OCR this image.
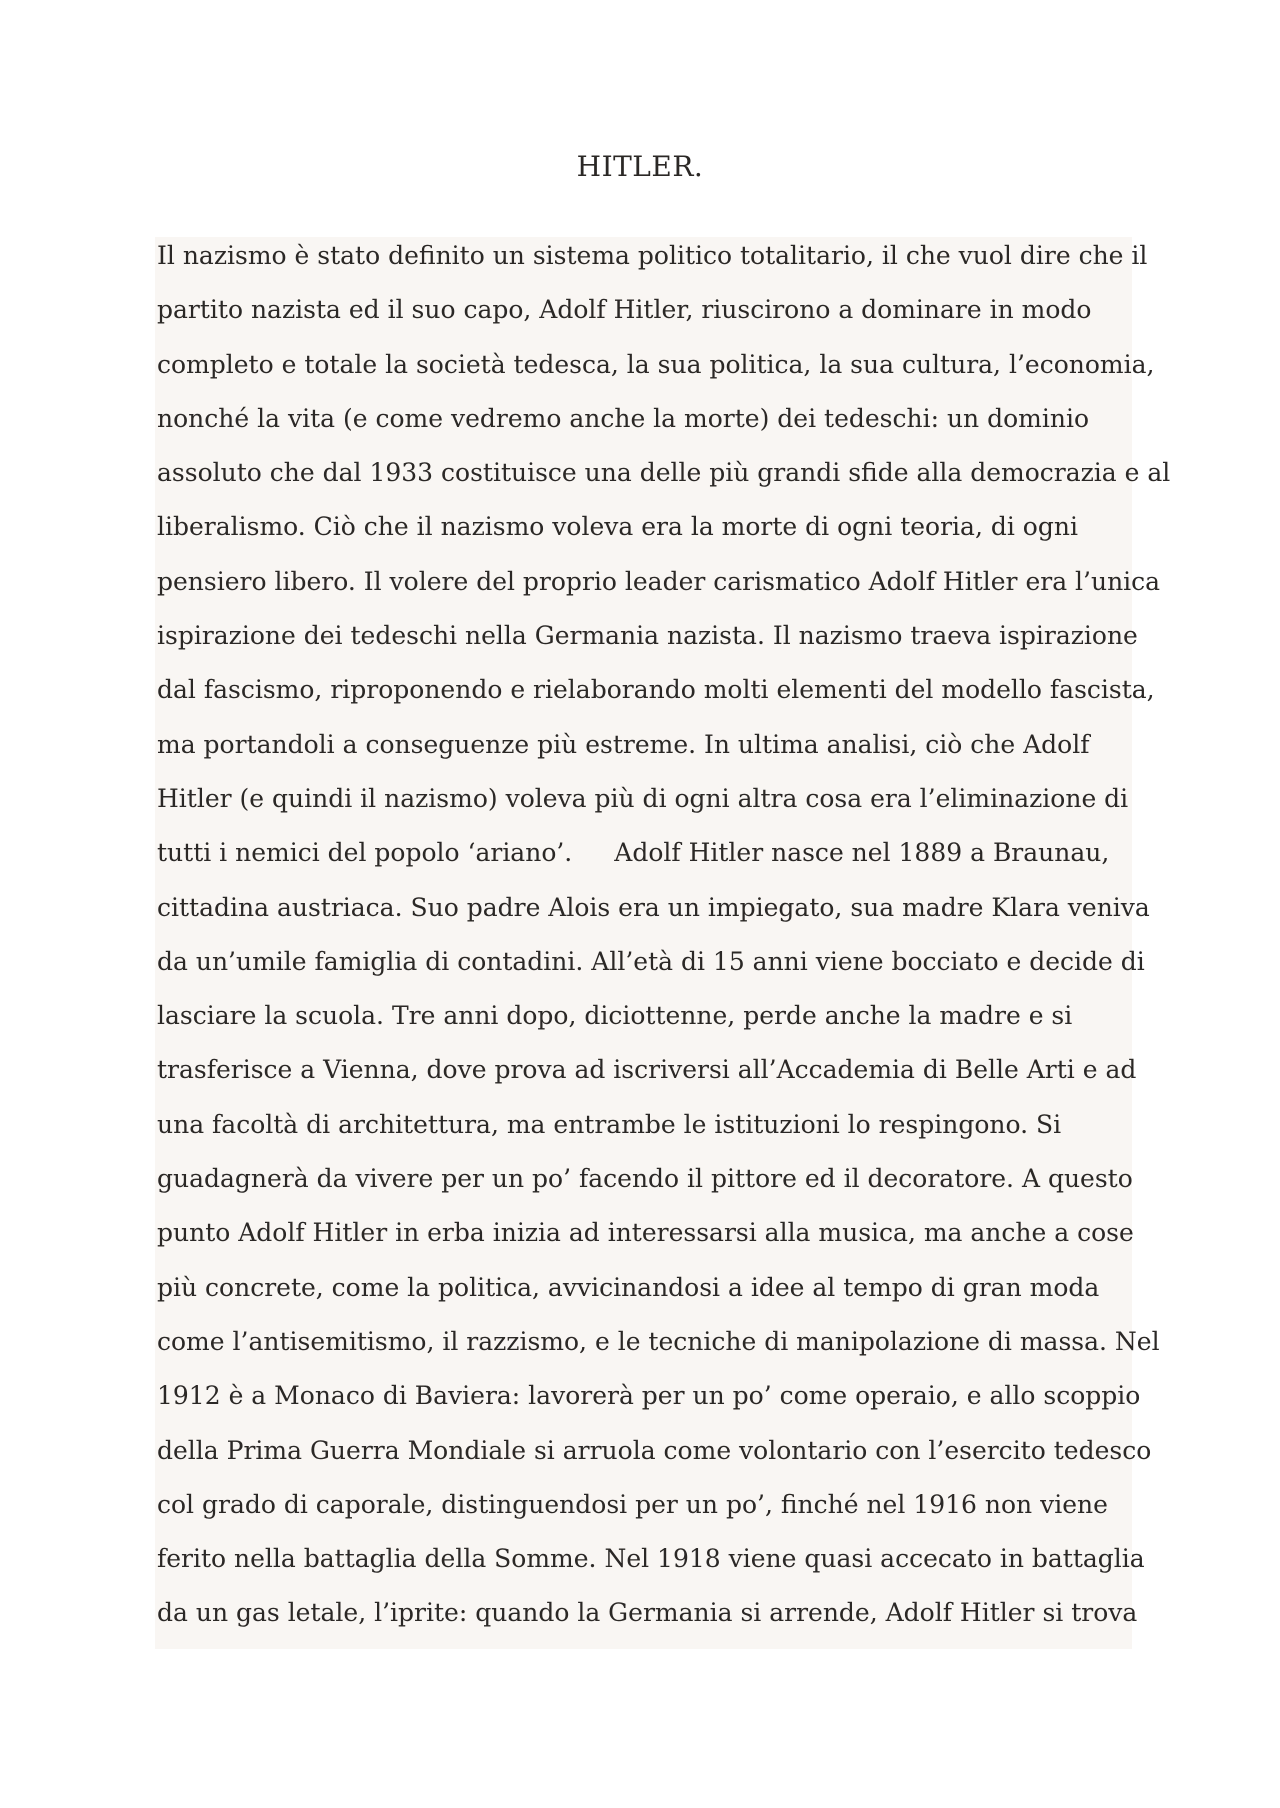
HITLER.
Il nazismo è stato definito un sistema politico totalitario, il che vuol dire che il
partito nazista ed il suo capo, Adolf Hitler, riuscirono a dominare in modo
completo e totale la società tedesca, la sua politica, la sua cultura, l’economia,
nonché la vita (e come vedremo anche la morte) dei tedeschi: un dominio
assoluto che dal 1933 costituisce una delle più grandi sfide alla democrazia e al
liberalismo. Ciò che il nazismo voleva era la morte di ogni teoria, di ogni
pensiero libero. Il volere del proprio leader carismatico Adolf Hitler era l’unica
ispirazione dei tedeschi nella Germania nazista. Il nazismo traeva ispirazione
dal fascismo, riproponendo e rielaborando molti elementi del modello fascista,
ma portandoli a conseguenze più estreme. In ultima analisi, ciò che Adolf
Hitler (e quindi il nazismo) voleva più di ogni altra cosa era l’eliminazione di
tutti i nemici del popolo ‘ariano’. Adolf Hitler nasce nel 1889 a Braunau,
cittadina austriaca. Suo padre Alois era un impiegato, sua madre Klara veniva
da un’umile famiglia di contadini. All’età di 15 anni viene bocciato e decide di
lasciare la scuola. Tre anni dopo, diciottenne, perde anche la madre e si
trasferisce a Vienna, dove prova ad iscriversi all’Accademia di Belle Arti e ad
una facoltà di architettura, ma entrambe le istituzioni lo respingono. Si
guadagnerà da vivere per un po’ facendo il pittore ed il decoratore. A questo
punto Adolf Hitler in erba inizia ad interessarsi alla musica, ma anche a cose
più concrete, come la politica, avvicinandosi a idee al tempo di gran moda
come l’antisemitismo, il razzismo, e le tecniche di manipolazione di massa. Nel
1912 è a Monaco di Baviera: lavorerà per un po’ come operaio, e allo scoppio
della Prima Guerra Mondiale si arruola come volontario con l’esercito tedesco
col grado di caporale, distinguendosi per un po’, finché nel 1916 non viene
ferito nella battaglia della Somme. Nel 1918 viene quasi accecato in battaglia
da un gas letale, l’iprite: quando la Germania si arrende, Adolf Hitler si trova
